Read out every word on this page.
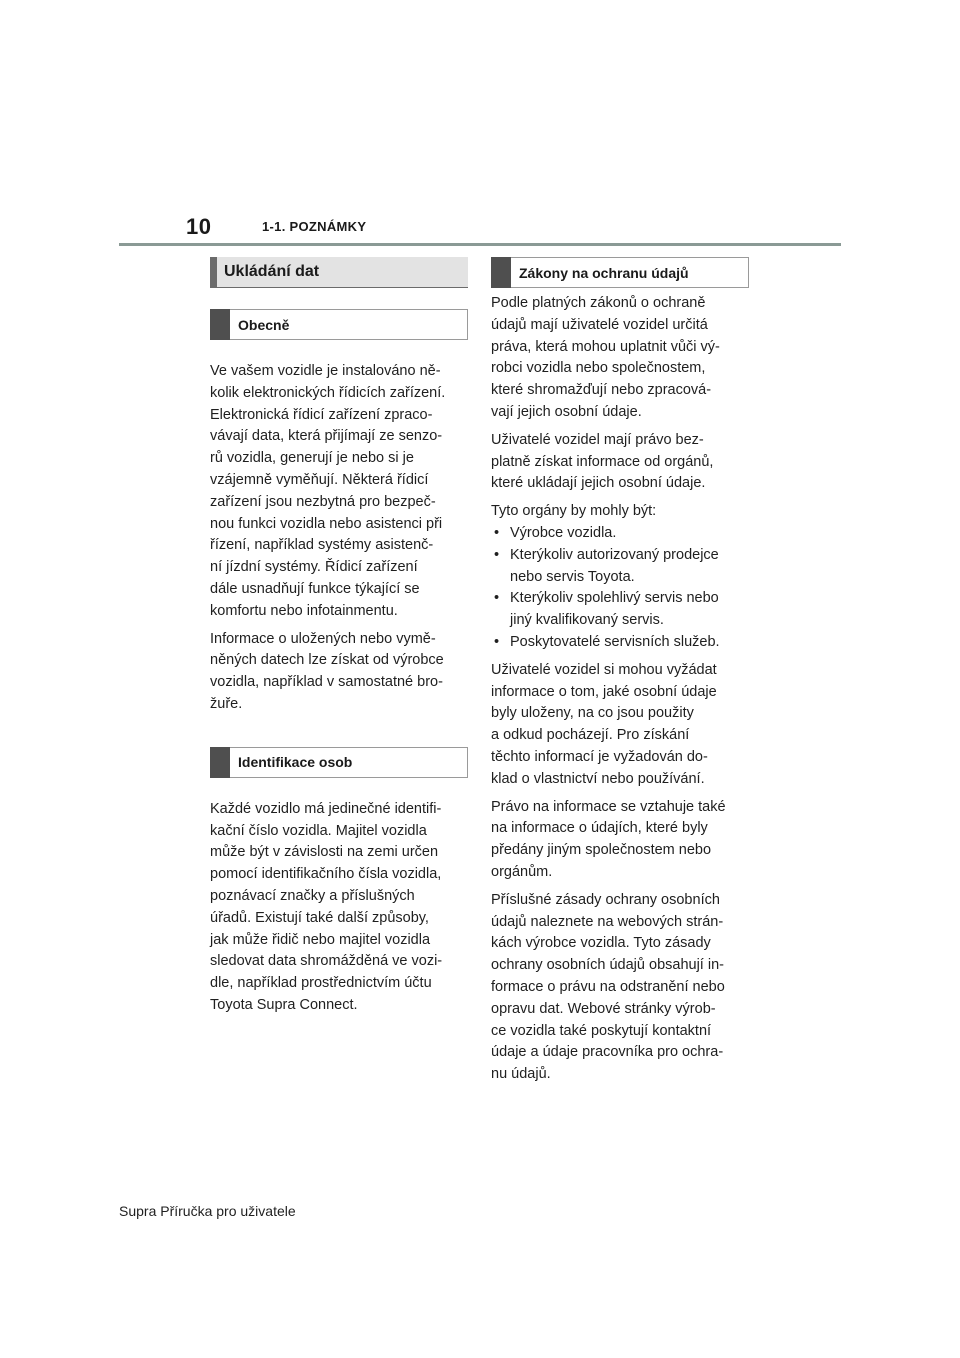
10	1-1. POZNÁMKY
Ukládání dat
Obecně

Ve vašem vozidle je instalováno ně-
kolik elektronických řídicích zařízení.
Elektronická řídicí zařízení zpraco-
vávají data, která přijímají ze senzo-
rů vozidla, generují je nebo si je
vzájemně vyměňují. Některá řídicí
zařízení jsou nezbytná pro bezpeč-
nou funkci vozidla nebo asistenci při
řízení, například systémy asistenč-
ní jízdní systémy. Řídicí zařízení
dále usnadňují funkce týkající se
komfortu nebo infotainmentu.

Informace o uložených nebo vymě-
něných datech lze získat od výrobce
vozidla, například v samostatné bro-
žuře.

Identifikace osob

Každé vozidlo má jedinečné identifi-
kační číslo vozidla. Majitel vozidla
může být v závislosti na zemi určen
pomocí identifikačního čísla vozidla,
poznávací značky a příslušných
úřadů. Existují také další způsoby,
jak může řidič nebo majitel vozidla
sledovat data shromážděná ve vozi-
dle, například prostřednictvím účtu
Toyota Supra Connect.

Zákony na ochranu údajů

Podle platných zákonů o ochraně
údajů mají uživatelé vozidel určitá
práva, která mohou uplatnit vůči vý-
robci vozidla nebo společnostem,
které shromažďují nebo zpracová-
vají jejich osobní údaje.

Uživatelé vozidel mají právo bez-
platně získat informace od orgánů,
které ukládají jejich osobní údaje.

Tyto orgány by mohly být:

• Výrobce vozidla.
• Kterýkoliv autorizovaný prodejce
nebo servis Toyota.
• Kterýkoliv spolehlivý servis nebo
jiný kvalifikovaný servis.
• Poskytovatelé servisních služeb.

Uživatelé vozidel si mohou vyžádat
informace o tom, jaké osobní údaje
byly uloženy, na co jsou použity
a odkud pocházejí. Pro získání
těchto informací je vyžadován do-
klad o vlastnictví nebo používání.

Právo na informace se vztahuje také
na informace o údajích, které byly
předány jiným společnostem nebo
orgánům.

Příslušné zásady ochrany osobních
údajů naleznete na webových strán-
kách výrobce vozidla. Tyto zásady
ochrany osobních údajů obsahují in-
formace o právu na odstranění nebo
opravu dat. Webové stránky výrob-
ce vozidla také poskytují kontaktní
údaje a údaje pracovníka pro ochra-
nu údajů.

Supra Příručka pro uživatele
